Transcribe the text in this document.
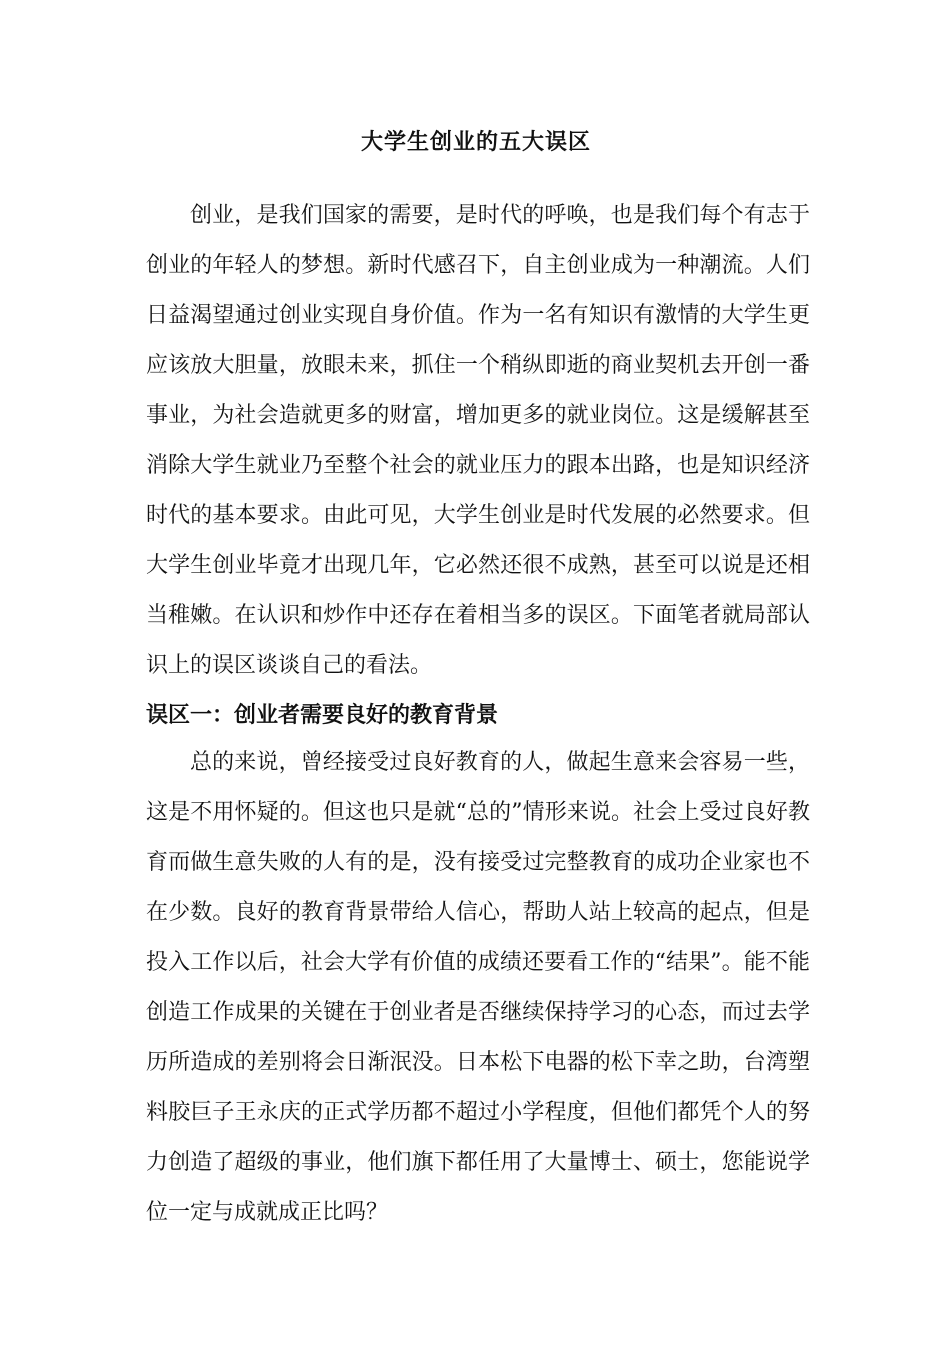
大学生创业的五大误区

创业，是我们国家的需要，是时代的呼唤，也是我们每个有志于创业的年轻人的梦想。新时代感召下，自主创业成为一种潮流。人们日益渴望通过创业实现自身价值。作为一名有知识有激情的大学生更应该放大胆量，放眼未来，抓住一个稍纵即逝的商业契机去开创一番事业，为社会造就更多的财富，增加更多的就业岗位。这是缓解甚至消除大学生就业乃至整个社会的就业压力的跟本出路，也是知识经济时代的基本要求。由此可见，大学生创业是时代发展的必然要求。但大学生创业毕竟才出现几年，它必然还很不成熟，甚至可以说是还相当稚嫩。在认识和炒作中还存在着相当多的误区。下面笔者就局部认识上的误区谈谈自己的看法。

误区一：创业者需要良好的教育背景

总的来说，曾经接受过良好教育的人，做起生意来会容易一些，这是不用怀疑的。但这也只是就“总的”情形来说。社会上受过良好教育而做生意失败的人有的是，没有接受过完整教育的成功企业家也不在少数。良好的教育背景带给人信心，帮助人站上较高的起点，但是投入工作以后，社会大学有价值的成绩还要看工作的“结果”。能不能创造工作成果的关键在于创业者是否继续保持学习的心态，而过去学历所造成的差别将会日渐泯没。日本松下电器的松下幸之助，台湾塑料胶巨子王永庆的正式学历都不超过小学程度，但他们都凭个人的努力创造了超级的事业，他们旗下都任用了大量博士、硕士，您能说学位一定与成就成正比吗？
